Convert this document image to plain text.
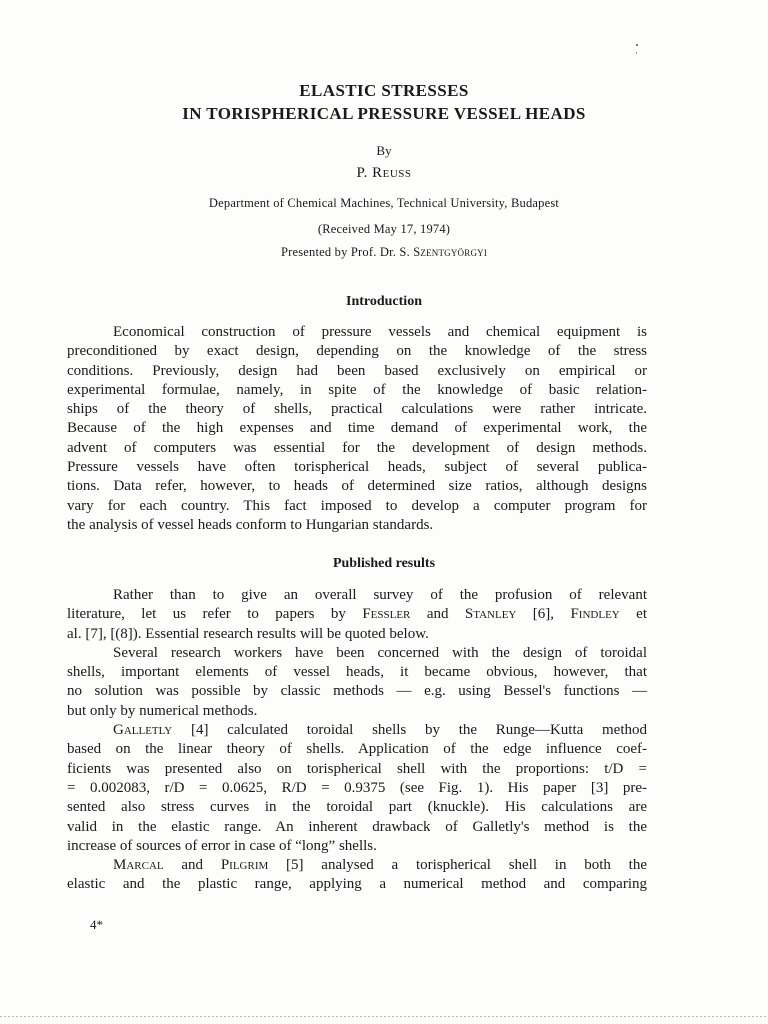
ELASTIC STRESSES
IN TORISPHERICAL PRESSURE VESSEL HEADS
By
P. Reuss
Department of Chemical Machines, Technical University, Budapest
(Received May 17, 1974)
Presented by Prof. Dr. S. Szentgyörgyi
Introduction
Economical construction of pressure vessels and chemical equipment is
preconditioned by exact design, depending on the knowledge of the stress
conditions. Previously, design had been based exclusively on empirical or
experimental formulae, namely, in spite of the knowledge of basic relation-
ships of the theory of shells, practical calculations were rather intricate.
Because of the high expenses and time demand of experimental work, the
advent of computers was essential for the development of design methods.
Pressure vessels have often torispherical heads, subject of several publica-
tions. Data refer, however, to heads of determined size ratios, although designs
vary for each country. This fact imposed to develop a computer program for
the analysis of vessel heads conform to Hungarian standards.
Published results
Rather than to give an overall survey of the profusion of relevant
literature, let us refer to papers by Fessler and Stanley [6], Findley et
al. [7], [(8]). Essential research results will be quoted below.
Several research workers have been concerned with the design of toroidal
shells, important elements of vessel heads, it became obvious, however, that
no solution was possible by classic methods — e.g. using Bessel's functions —
but only by numerical methods.
Galletly [4] calculated toroidal shells by the Runge—Kutta method
based on the linear theory of shells. Application of the edge influence coef-
ficients was presented also on torispherical shell with the proportions: t/D =
= 0.002083, r/D = 0.0625, R/D = 0.9375 (see Fig. 1). His paper [3] pre-
sented also stress curves in the toroidal part (knuckle). His calculations are
valid in the elastic range. An inherent drawback of Galletly's method is the
increase of sources of error in case of “long” shells.
Marcal and Pilgrim [5] analysed a torispherical shell in both the
elastic and the plastic range, applying a numerical method and comparing
4*
